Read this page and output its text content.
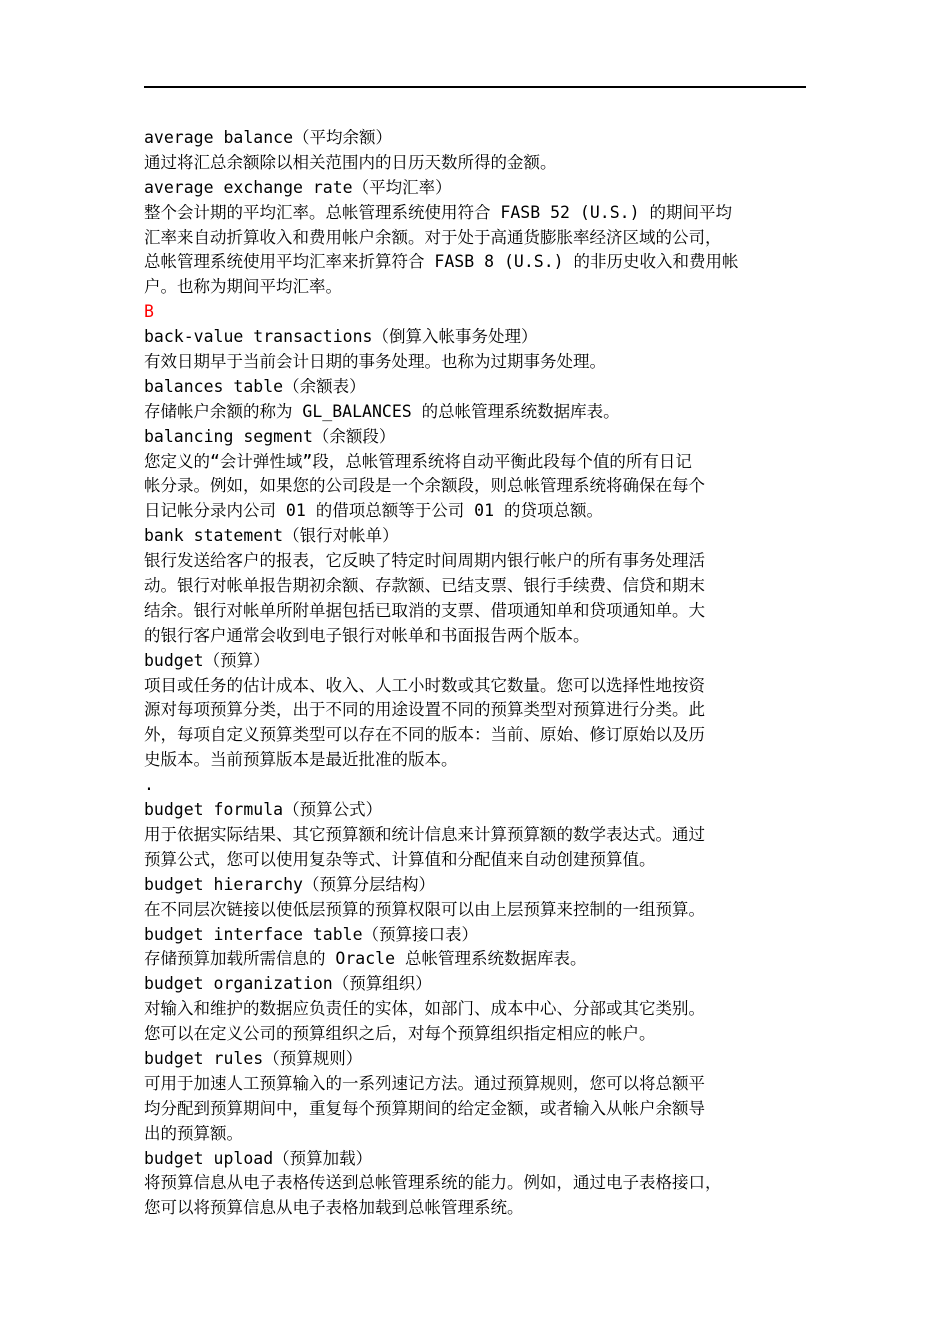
average balance（平均余额）
通过将汇总余额除以相关范围内的日历天数所得的金额。
average exchange rate（平均汇率）
整个会计期的平均汇率。总帐管理系统使用符合 FASB 52 (U.S.) 的期间平均
汇率来自动折算收入和费用帐户余额。对于处于高通货膨胀率经济区域的公司，
总帐管理系统使用平均汇率来折算符合 FASB 8 (U.S.) 的非历史收入和费用帐
户。也称为期间平均汇率。
B
back-value transactions（倒算入帐事务处理）
有效日期早于当前会计日期的事务处理。也称为过期事务处理。
balances table（余额表）
存储帐户余额的称为 GL_BALANCES 的总帐管理系统数据库表。
balancing segment（余额段）
您定义的“会计弹性域”段，总帐管理系统将自动平衡此段每个值的所有日记
帐分录。例如，如果您的公司段是一个余额段，则总帐管理系统将确保在每个
日记帐分录内公司 01 的借项总额等于公司 01 的贷项总额。
bank statement（银行对帐单）
银行发送给客户的报表，它反映了特定时间周期内银行帐户的所有事务处理活
动。银行对帐单报告期初余额、存款额、已结支票、银行手续费、信贷和期末
结余。银行对帐单所附单据包括已取消的支票、借项通知单和贷项通知单。大
的银行客户通常会收到电子银行对帐单和书面报告两个版本。
budget（预算）
项目或任务的估计成本、收入、人工小时数或其它数量。您可以选择性地按资
源对每项预算分类，出于不同的用途设置不同的预算类型对预算进行分类。此
外，每项自定义预算类型可以存在不同的版本：当前、原始、修订原始以及历
史版本。当前预算版本是最近批准的版本。
.
budget formula（预算公式）
用于依据实际结果、其它预算额和统计信息来计算预算额的数学表达式。通过
预算公式，您可以使用复杂等式、计算值和分配值来自动创建预算值。
budget hierarchy（预算分层结构）
在不同层次链接以使低层预算的预算权限可以由上层预算来控制的一组预算。
budget interface table（预算接口表）
存储预算加载所需信息的 Oracle 总帐管理系统数据库表。
budget organization（预算组织）
对输入和维护的数据应负责任的实体，如部门、成本中心、分部或其它类别。
您可以在定义公司的预算组织之后，对每个预算组织指定相应的帐户。
budget rules（预算规则）
可用于加速人工预算输入的一系列速记方法。通过预算规则，您可以将总额平
均分配到预算期间中，重复每个预算期间的给定金额，或者输入从帐户余额导
出的预算额。
budget upload（预算加载）
将预算信息从电子表格传送到总帐管理系统的能力。例如，通过电子表格接口，
您可以将预算信息从电子表格加载到总帐管理系统。
